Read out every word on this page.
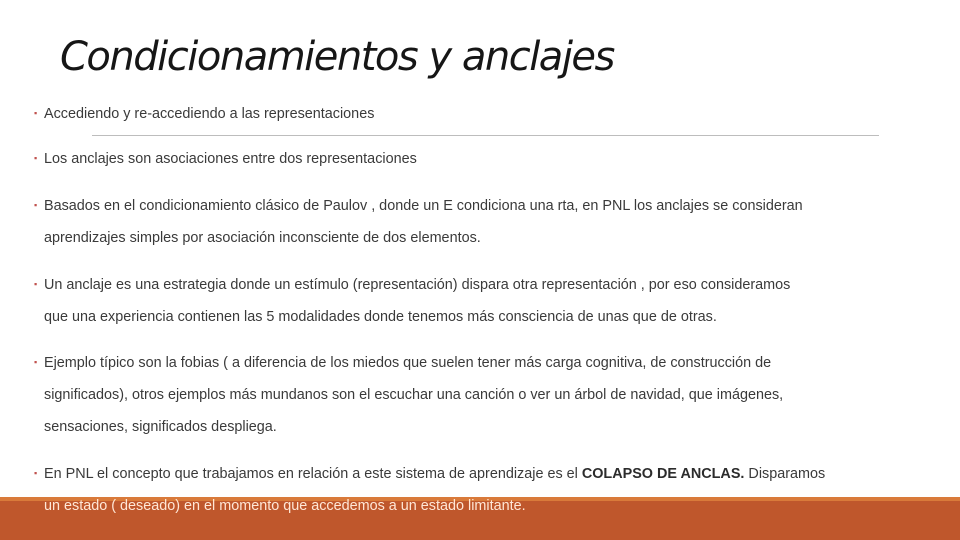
Condicionamientos y anclajes

▪ Accediendo y re-accediendo a las representaciones

▪ Los anclajes son asociaciones entre dos representaciones

▪ Basados en el condicionamiento clásico de Paulov , donde un E condiciona una rta, en PNL los anclajes se consideran
aprendizajes simples por asociación inconsciente de dos elementos.

▪ Un anclaje es una estrategia donde un estímulo (representación) dispara otra representación , por eso consideramos
que una experiencia contienen las 5 modalidades donde tenemos más consciencia de unas que de otras.

▪ Ejemplo típico son la fobias ( a diferencia de los miedos que suelen tener más carga cognitiva, de construcción de
significados), otros ejemplos más mundanos son el escuchar una canción o ver un árbol de navidad, que imágenes,
sensaciones, significados despliega.

▪ En PNL el concepto que trabajamos en relación a este sistema de aprendizaje es el COLAPSO DE ANCLAS. Disparamos
un estado ( deseado) en el momento que accedemos a un estado limitante.
